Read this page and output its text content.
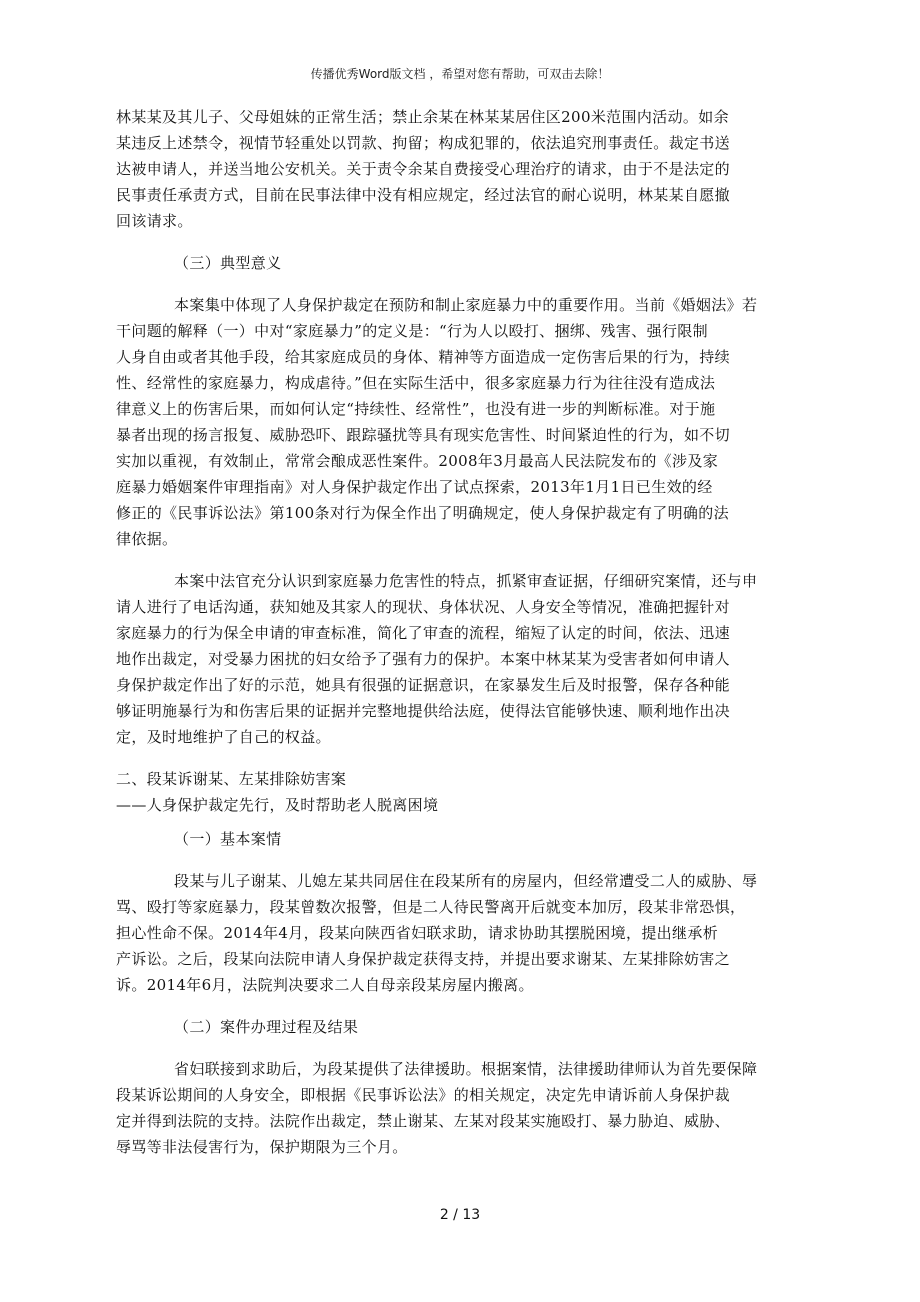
传播优秀Word版文档 ，希望对您有帮助，可双击去除！
林某某及其儿子、父母姐妹的正常生活；禁止余某在林某某居住区200米范围内活动。如余
某违反上述禁令，视情节轻重处以罚款、拘留；构成犯罪的，依法追究刑事责任。裁定书送
达被申请人，并送当地公安机关。关于责令余某自费接受心理治疗的请求，由于不是法定的
民事责任承责方式，目前在民事法律中没有相应规定，经过法官的耐心说明，林某某自愿撤
回该请求。
（三）典型意义
本案集中体现了人身保护裁定在预防和制止家庭暴力中的重要作用。当前《婚姻法》若
干问题的解释（一）中对“家庭暴力”的定义是：“行为人以殴打、捆绑、残害、强行限制
人身自由或者其他手段，给其家庭成员的身体、精神等方面造成一定伤害后果的行为，持续
性、经常性的家庭暴力，构成虐待。”但在实际生活中，很多家庭暴力行为往往没有造成法
律意义上的伤害后果，而如何认定“持续性、经常性”，也没有进一步的判断标准。对于施
暴者出现的扬言报复、威胁恐吓、跟踪骚扰等具有现实危害性、时间紧迫性的行为，如不切
实加以重视，有效制止，常常会酿成恶性案件。2008年3月最高人民法院发布的《涉及家
庭暴力婚姻案件审理指南》对人身保护裁定作出了试点探索，2013年1月1日已生效的经
修正的《民事诉讼法》第100条对行为保全作出了明确规定，使人身保护裁定有了明确的法
律依据。
本案中法官充分认识到家庭暴力危害性的特点，抓紧审查证据，仔细研究案情，还与申
请人进行了电话沟通，获知她及其家人的现状、身体状况、人身安全等情况，准确把握针对
家庭暴力的行为保全申请的审查标准，简化了审查的流程，缩短了认定的时间，依法、迅速
地作出裁定，对受暴力困扰的妇女给予了强有力的保护。本案中林某某为受害者如何申请人
身保护裁定作出了好的示范，她具有很强的证据意识，在家暴发生后及时报警，保存各种能
够证明施暴行为和伤害后果的证据并完整地提供给法庭，使得法官能够快速、顺利地作出决
定，及时地维护了自己的权益。
二、段某诉谢某、左某排除妨害案
——人身保护裁定先行，及时帮助老人脱离困境
（一）基本案情
段某与儿子谢某、儿媳左某共同居住在段某所有的房屋内，但经常遭受二人的威胁、辱
骂、殴打等家庭暴力，段某曾数次报警，但是二人待民警离开后就变本加厉，段某非常恐惧，
担心性命不保。2014年4月，段某向陕西省妇联求助，请求协助其摆脱困境，提出继承析
产诉讼。之后，段某向法院申请人身保护裁定获得支持，并提出要求谢某、左某排除妨害之
诉。2014年6月，法院判决要求二人自母亲段某房屋内搬离。
（二）案件办理过程及结果
省妇联接到求助后，为段某提供了法律援助。根据案情，法律援助律师认为首先要保障
段某诉讼期间的人身安全，即根据《民事诉讼法》的相关规定，决定先申请诉前人身保护裁
定并得到法院的支持。法院作出裁定，禁止谢某、左某对段某实施殴打、暴力胁迫、威胁、
辱骂等非法侵害行为，保护期限为三个月。
2 / 13
